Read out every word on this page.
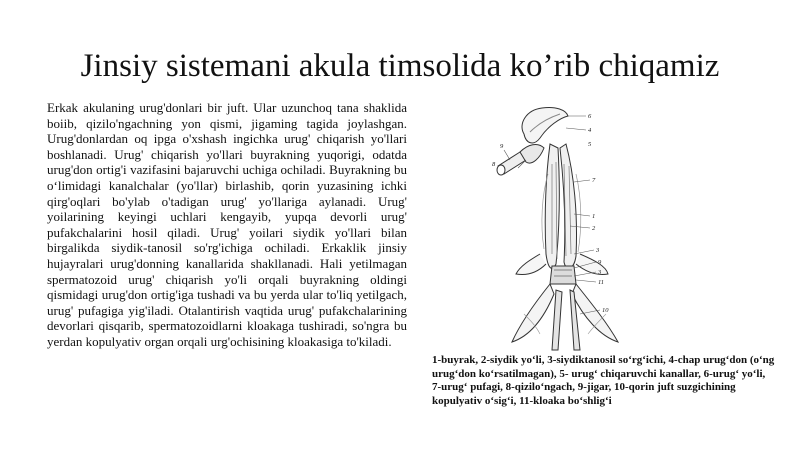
Jinsiy sistemani akula timsolida ko’rib chiqamiz

Erkak akulaning urug'donlari bir juft. Ular uzunchoq tana shaklida boiib, qizilo'ngachning yon qismi, jigaming tagida joylashgan. Urug'donlardan oq ipga o'xshash ingichka urug' chiqarish yo'llari boshlanadi. Urug' chiqarish yo'llari buyrakning yuqorigi, odatda urug'don ortig'i vazifasini bajaruvchi uchiga ochiladi. Buyrakning bu o‘limidagi kanalchalar (yo'llar) birlashib, qorin yuzasining ichki qirg'oqlari bo'ylab o'tadigan urug' yo'llariga aylanadi. Urug' yoilarining keyingi uchlari kengayib, yupqa devorli urug' pufakchalarini hosil qiladi. Urug' yoilari siydik yo'llari bilan birgalikda siydik-tanosil so'rg'ichiga ochiladi. Erkaklik jinsiy hujayralari urug'donning kanallarida shakllanadi. Hali yetilmagan spermatozoid urug' chiqarish yo'li orqali buyrakning oldingi qismidagi urug'don ortig'iga tushadi va bu yerda ular to'liq yetilgach, urug' pufagiga yig'iladi. Otalantirish vaqtida urug' pufakchalarining devorlari qisqarib, spermatozoidlarni kloakaga tushiradi, so'ngra bu yerdan kopulyativ organ orqali urg'ochisining kloakasiga to'kiladi.

6
4
5
9
8
7
1
2
3
9
3
11
10

1-buyrak, 2-siydik yo‘li, 3-siydiktanosil so‘rg‘ichi, 4-chap urug‘don (o‘ng urug‘don ko‘rsatilmagan), 5- urug‘ chiqaruvchi kanallar, 6-urug‘ yo‘li, 7-urug‘ pufagi, 8-qizilo‘ngach, 9-jigar, 10-qorin juft suzgichining kopulyativ o‘sig‘i, 11-kloaka bo‘shlig‘i
